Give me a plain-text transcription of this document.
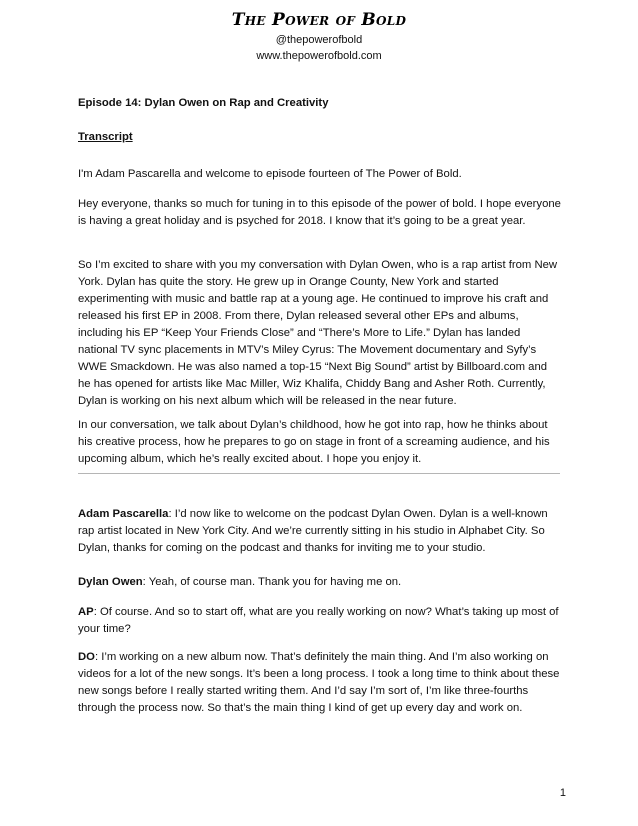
The Power of Bold
@thepowerofbold
www.thepowerofbold.com
Episode 14: Dylan Owen on Rap and Creativity
Transcript

I'm Adam Pascarella and welcome to episode fourteen of The Power of Bold.

Hey everyone, thanks so much for tuning in to this episode of the power of bold. I hope everyone is having a great holiday and is psyched for 2018. I know that it’s going to be a great year.

So I’m excited to share with you my conversation with Dylan Owen, who is a rap artist from New York. Dylan has quite the story. He grew up in Orange County, New York and started experimenting with music and battle rap at a young age. He continued to improve his craft and released his first EP in 2008. From there, Dylan released several other EPs and albums, including his EP “Keep Your Friends Close” and “There’s More to Life.” Dylan has landed national TV sync placements in MTV’s Miley Cyrus: The Movement documentary and Syfy’s WWE Smackdown. He was also named a top-15 “Next Big Sound” artist by Billboard.com and he has opened for artists like Mac Miller, Wiz Khalifa, Chiddy Bang and Asher Roth. Currently, Dylan is working on his next album which will be released in the near future.

In our conversation, we talk about Dylan’s childhood, how he got into rap, how he thinks about his creative process, how he prepares to go on stage in front of a screaming audience, and his upcoming album, which he’s really excited about. I hope you enjoy it.

Adam Pascarella: I’d now like to welcome on the podcast Dylan Owen. Dylan is a well-known rap artist located in New York City. And we’re currently sitting in his studio in Alphabet City. So Dylan, thanks for coming on the podcast and thanks for inviting me to your studio.

Dylan Owen: Yeah, of course man. Thank you for having me on.

AP: Of course. And so to start off, what are you really working on now? What’s taking up most of your time?

DO: I’m working on a new album now. That’s definitely the main thing. And I’m also working on videos for a lot of the new songs. It’s been a long process. I took a long time to think about these new songs before I really started writing them. And I’d say I’m sort of, I’m like three-fourths through the process now. So that’s the main thing I kind of get up every day and work on.

1
